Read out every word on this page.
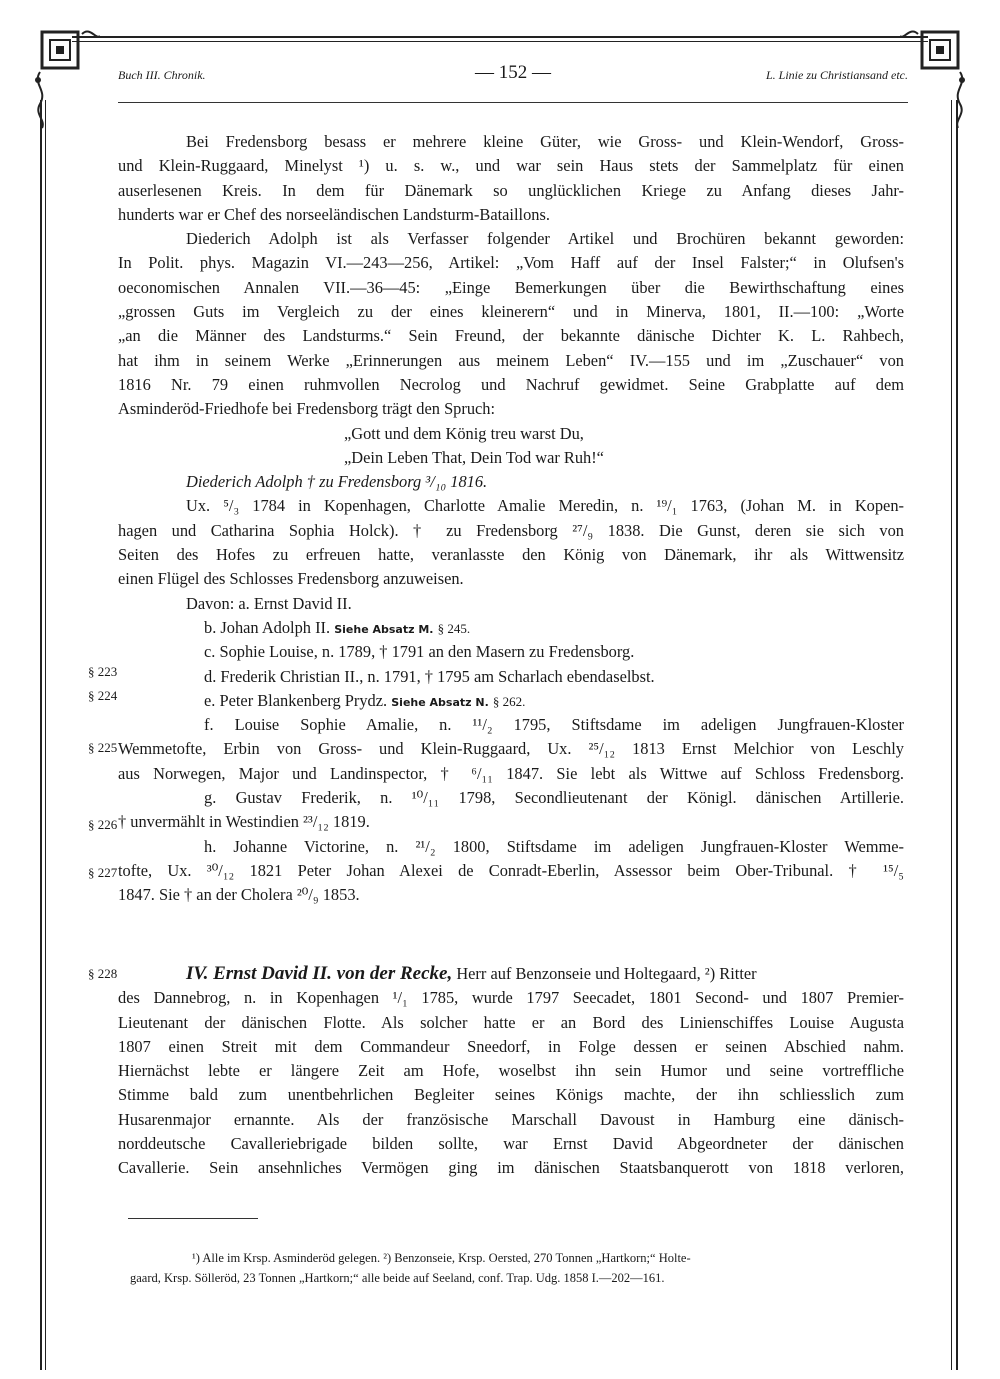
Buch III. Chronik.	— 152 —	L. Linie zu Christiansand etc.
§ 223
§ 224
§ 225
§ 226
§ 227
§ 228
Bei Fredensborg besass er mehrere kleine Güter, wie Gross- und Klein-Wendorf, Gross-
und Klein-Ruggaard, Minelyst ¹) u. s. w., und war sein Haus stets der Sammelplatz für einen
auserlesenen Kreis. In dem für Dänemark so unglücklichen Kriege zu Anfang dieses Jahr-
hunderts war er Chef des norseeländischen Landsturm-Bataillons.
Diederich Adolph ist als Verfasser folgender Artikel und Brochüren bekannt geworden:
In Polit. phys. Magazin VI.—243—256, Artikel: „Vom Haff auf der Insel Falster;“ in Olufsen's
oeconomischen Annalen VII.—36—45: „Einge Bemerkungen über die Bewirthschaftung eines
„grossen Guts im Vergleich zu der eines kleinerern“ und in Minerva, 1801, II.—100: „Worte
„an die Männer des Landsturms.“ Sein Freund, der bekannte dänische Dichter K. L. Rahbech,
hat ihm in seinem Werke „Erinnerungen aus meinem Leben“ IV.—155 und im „Zuschauer“ von
1816 Nr. 79 einen ruhmvollen Necrolog und Nachruf gewidmet. Seine Grabplatte auf dem
Asminderöd-Friedhofe bei Fredensborg trägt den Spruch:
„Gott und dem König treu warst Du,
„Dein Leben That, Dein Tod war Ruh!“
Diederich Adolph † zu Fredensborg ³/₁₀ 1816.
Ux. ⁵/₃ 1784 in Kopenhagen, Charlotte Amalie Meredin, n. ¹⁹/₁ 1763, (Johan M. in Kopen-
hagen und Catharina Sophia Holck). † zu Fredensborg ²⁷/₉ 1838. Die Gunst, deren sie sich von
Seiten des Hofes zu erfreuen hatte, veranlasste den König von Dänemark, ihr als Wittwensitz
einen Flügel des Schlosses Fredensborg anzuweisen.
Davon: a. Ernst David II.
b. Johan Adolph II. Siehe Absatz M. § 245.
c. Sophie Louise, n. 1789, † 1791 an den Masern zu Fredensborg.
d. Frederik Christian II., n. 1791, † 1795 am Scharlach ebendaselbst.
e. Peter Blankenberg Prydz. Siehe Absatz N. § 262.
f. Louise Sophie Amalie, n. ¹¹/₂ 1795, Stiftsdame im adeligen Jungfrauen-Kloster
Wemmetofte, Erbin von Gross- und Klein-Ruggaard, Ux. ²⁵/₁₂ 1813 Ernst Melchior von Leschly
aus Norwegen, Major und Landinspector, † ⁶/₁₁ 1847. Sie lebt als Wittwe auf Schloss Fredensborg.
g. Gustav Frederik, n. ¹⁰/₁₁ 1798, Secondlieutenant der Königl. dänischen Artillerie.
† unvermählt in Westindien ²³/₁₂ 1819.
h. Johanne Victorine, n. ²¹/₂ 1800, Stiftsdame im adeligen Jungfrauen-Kloster Wemme-
tofte, Ux. ³⁰/₁₂ 1821 Peter Johan Alexei de Conradt-Eberlin, Assessor beim Ober-Tribunal. † ¹⁵/₅
1847. Sie † an der Cholera ²⁰/₉ 1853.
IV. Ernst David II. von der Recke, Herr auf Benzonseie und Holtegaard, ²) Ritter
des Dannebrog, n. in Kopenhagen ¹/₁ 1785, wurde 1797 Seecadet, 1801 Second- und 1807 Premier-
Lieutenant der dänischen Flotte. Als solcher hatte er an Bord des Linienschiffes Louise Augusta
1807 einen Streit mit dem Commandeur Sneedorf, in Folge dessen er seinen Abschied nahm.
Hiernächst lebte er längere Zeit am Hofe, woselbst ihn sein Humor und seine vortreffliche
Stimme bald zum unentbehrlichen Begleiter seines Königs machte, der ihn schliesslich zum
Husarenmajor ernannte. Als der französische Marschall Davoust in Hamburg eine dänisch-
norddeutsche Cavalleriebrigade bilden sollte, war Ernst David Abgeordneter der dänischen
Cavallerie. Sein ansehnliches Vermögen ging im dänischen Staatsbanquerott von 1818 verloren,
¹) Alle im Krsp. Asminderöd gelegen. ²) Benzonseie, Krsp. Oersted, 270 Tonnen „Hartkorn;“ Holte-
gaard, Krsp. Sölleröd, 23 Tonnen „Hartkorn;“ alle beide auf Seeland, conf. Trap. Udg. 1858 I.—202—161.
